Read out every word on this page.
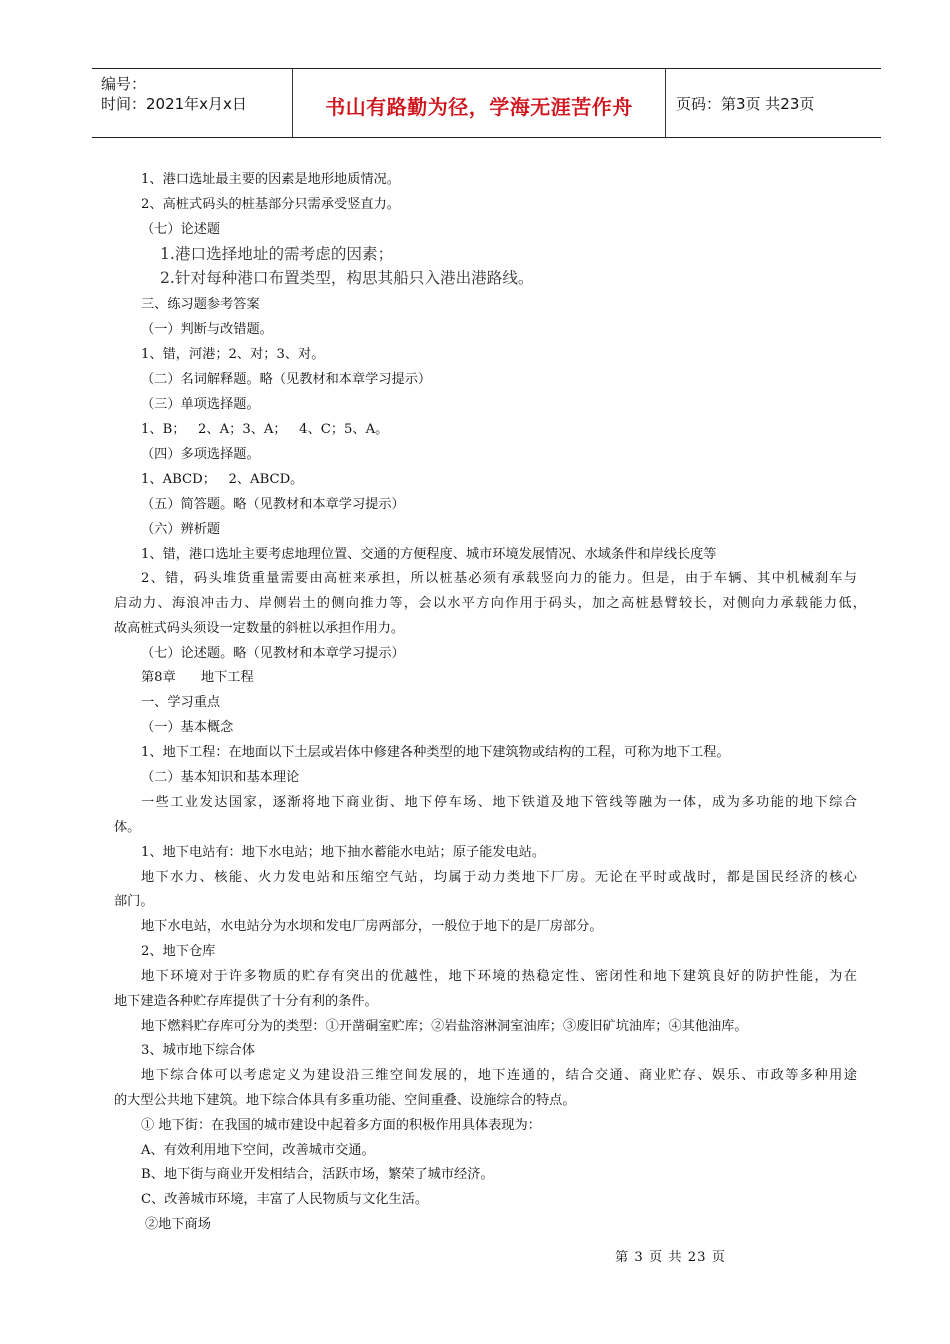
编号：
时间：2021年x月x日	书山有路勤为径，学海无涯苦作舟	页码：第3页 共23页
1、港口选址最主要的因素是地形地质情况。
2、高桩式码头的桩基部分只需承受竖直力。
（七）论述题
1.港口选择地址的需考虑的因素；
2.针对每种港口布置类型，构思其船只入港出港路线。
三、练习题参考答案
（一）判断与改错题。
1、错，河港；2、对；3、对。
（二）名词解释题。略（见教材和本章学习提示）
（三）单项选择题。
1、B；   2、A；3、A；   4、C；5、A。
（四）多项选择题。
1、ABCD；   2、ABCD。
（五）简答题。略（见教材和本章学习提示）
（六）辨析题
1、错，港口选址主要考虑地理位置、交通的方便程度、城市环境发展情况、水域条件和岸线长度等
2、错，码头堆货重量需要由高桩来承担，所以桩基必须有承载竖向力的能力。但是，由于车辆、其中机械刹车与
启动力、海浪冲击力、岸侧岩土的侧向推力等，会以水平方向作用于码头，加之高桩悬臂较长，对侧向力承载能力低，
故高桩式码头须设一定数量的斜桩以承担作用力。
（七）论述题。略（见教材和本章学习提示）
第8章      地下工程
一、学习重点
（一）基本概念
1、地下工程：在地面以下土层或岩体中修建各种类型的地下建筑物或结构的工程，可称为地下工程。
（二）基本知识和基本理论
一些工业发达国家，逐渐将地下商业街、地下停车场、地下铁道及地下管线等融为一体，成为多功能的地下综合
体。
1、地下电站有：地下水电站；地下抽水蓄能水电站；原子能发电站。
地下水力、核能、火力发电站和压缩空气站，均属于动力类地下厂房。无论在平时或战时，都是国民经济的核心
部门。
地下水电站，水电站分为水坝和发电厂房两部分，一般位于地下的是厂房部分。
2、地下仓库
地下环境对于许多物质的贮存有突出的优越性，地下环境的热稳定性、密闭性和地下建筑良好的防护性能，为在
地下建造各种贮存库提供了十分有利的条件。
地下燃料贮存库可分为的类型：①开凿硐室贮库；②岩盐溶淋洞室油库；③废旧矿坑油库；④其他油库。
3、城市地下综合体
地下综合体可以考虑定义为建设沿三维空间发展的，地下连通的，结合交通、商业贮存、娱乐、市政等多种用途
的大型公共地下建筑。地下综合体具有多重功能、空间重叠、设施综合的特点。
① 地下街：在我国的城市建设中起着多方面的积极作用具体表现为：
A、有效利用地下空间，改善城市交通。
B、地下街与商业开发相结合，活跃市场，繁荣了城市经济。
C、改善城市环境，丰富了人民物质与文化生活。
②地下商场
第 3 页 共 23 页
